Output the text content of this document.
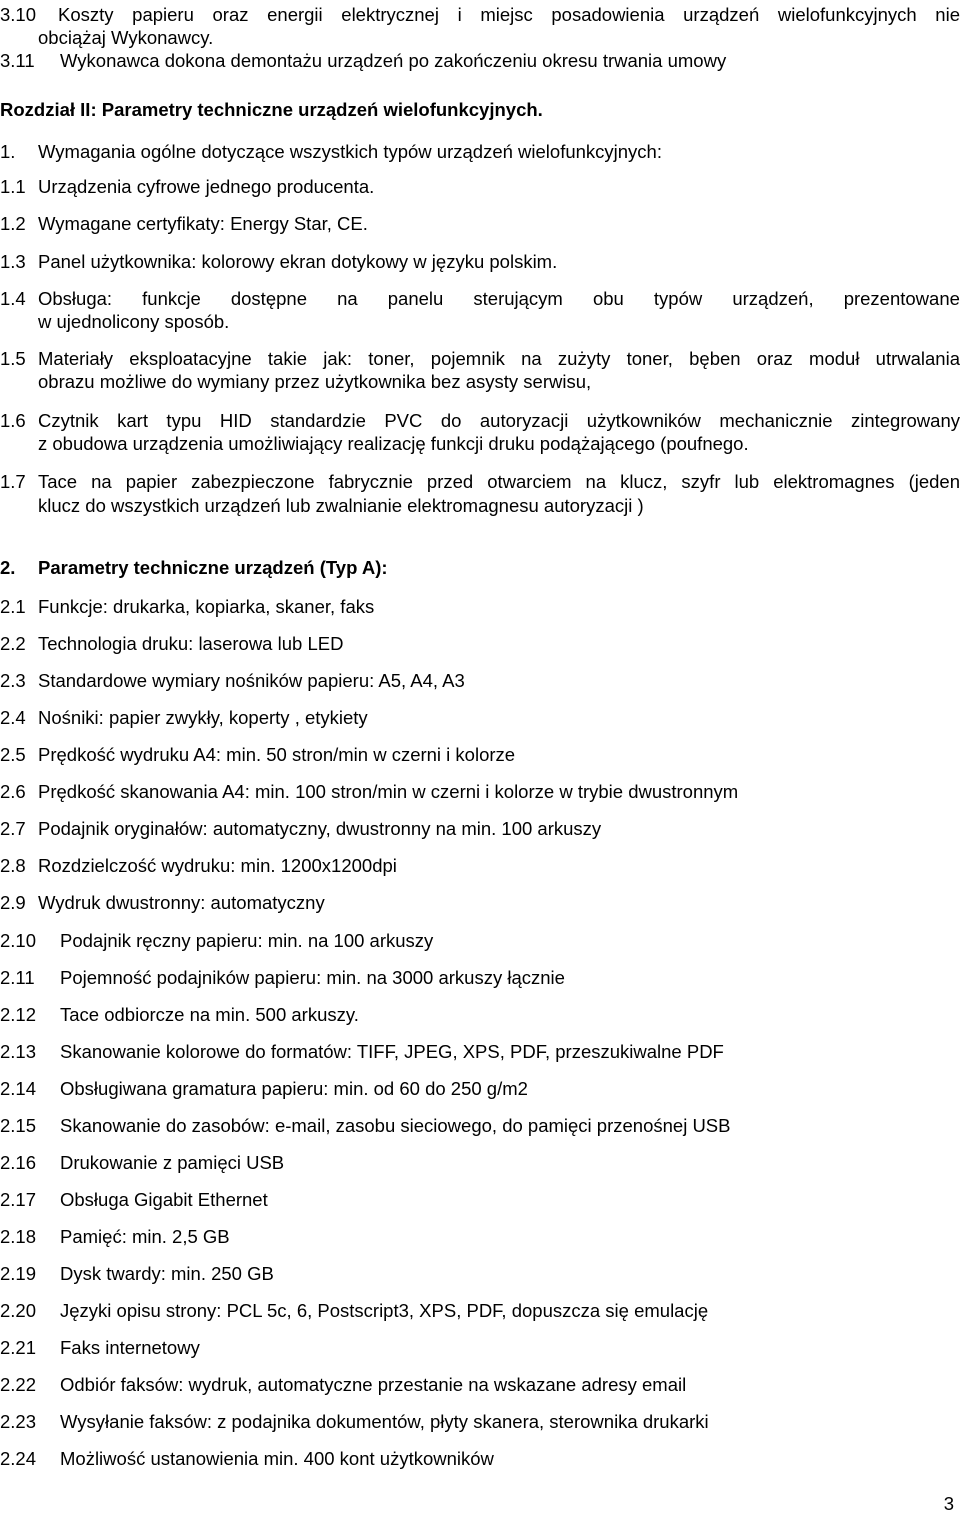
3.10 Koszty papieru oraz energii elektrycznej i miejsc posadowienia urządzeń wielofunkcyjnych nie
obciążaj Wykonawcy.
3.11 Wykonawca dokona demontażu urządzeń po zakończeniu okresu trwania umowy
Rozdział II: Parametry techniczne urządzeń wielofunkcyjnych.
1. Wymagania ogólne dotyczące wszystkich typów urządzeń wielofunkcyjnych:
1.1 Urządzenia cyfrowe jednego producenta.
1.2 Wymagane certyfikaty: Energy Star, CE.
1.3 Panel użytkownika: kolorowy ekran dotykowy w języku polskim.
1.4 Obsługa: funkcje dostępne na panelu sterującym obu typów urządzeń, prezentowane
w ujednolicony sposób.
1.5 Materiały eksploatacyjne takie jak: toner, pojemnik na zużyty toner, bęben oraz moduł utrwalania
obrazu możliwe do wymiany przez użytkownika bez asysty serwisu,
1.6 Czytnik kart typu HID standardzie PVC do autoryzacji użytkowników mechanicznie zintegrowany
z obudowa urządzenia umożliwiający realizację funkcji druku podążającego (poufnego.
1.7 Tace na papier zabezpieczone fabrycznie przed otwarciem na klucz, szyfr lub elektromagnes (jeden
klucz do wszystkich urządzeń lub zwalnianie elektromagnesu autoryzacji )
2. Parametry techniczne urządzeń (Typ A):
2.1 Funkcje: drukarka, kopiarka, skaner, faks
2.2 Technologia druku: laserowa lub LED
2.3 Standardowe wymiary nośników papieru: A5, A4, A3
2.4 Nośniki: papier zwykły, koperty , etykiety
2.5 Prędkość wydruku A4: min. 50 stron/min w czerni i kolorze
2.6 Prędkość skanowania A4: min. 100 stron/min w czerni i kolorze w trybie dwustronnym
2.7 Podajnik oryginałów: automatyczny, dwustronny na min. 100 arkuszy
2.8 Rozdzielczość wydruku: min. 1200x1200dpi
2.9 Wydruk dwustronny: automatyczny
2.10 Podajnik ręczny papieru: min. na 100 arkuszy
2.11 Pojemność podajników papieru: min. na 3000 arkuszy łącznie
2.12 Tace odbiorcze na min. 500 arkuszy.
2.13 Skanowanie kolorowe do formatów: TIFF, JPEG, XPS, PDF, przeszukiwalne PDF
2.14 Obsługiwana gramatura papieru: min. od 60 do 250 g/m2
2.15 Skanowanie do zasobów: e-mail, zasobu sieciowego, do pamięci przenośnej USB
2.16 Drukowanie z pamięci USB
2.17 Obsługa Gigabit Ethernet
2.18 Pamięć: min. 2,5 GB
2.19 Dysk twardy: min. 250 GB
2.20 Języki opisu strony: PCL 5c, 6, Postscript3, XPS, PDF, dopuszcza się emulację
2.21 Faks internetowy
2.22 Odbiór faksów: wydruk, automatyczne przestanie na wskazane adresy email
2.23 Wysyłanie faksów: z podajnika dokumentów, płyty skanera, sterownika drukarki
2.24 Możliwość ustanowienia min. 400 kont użytkowników
3
